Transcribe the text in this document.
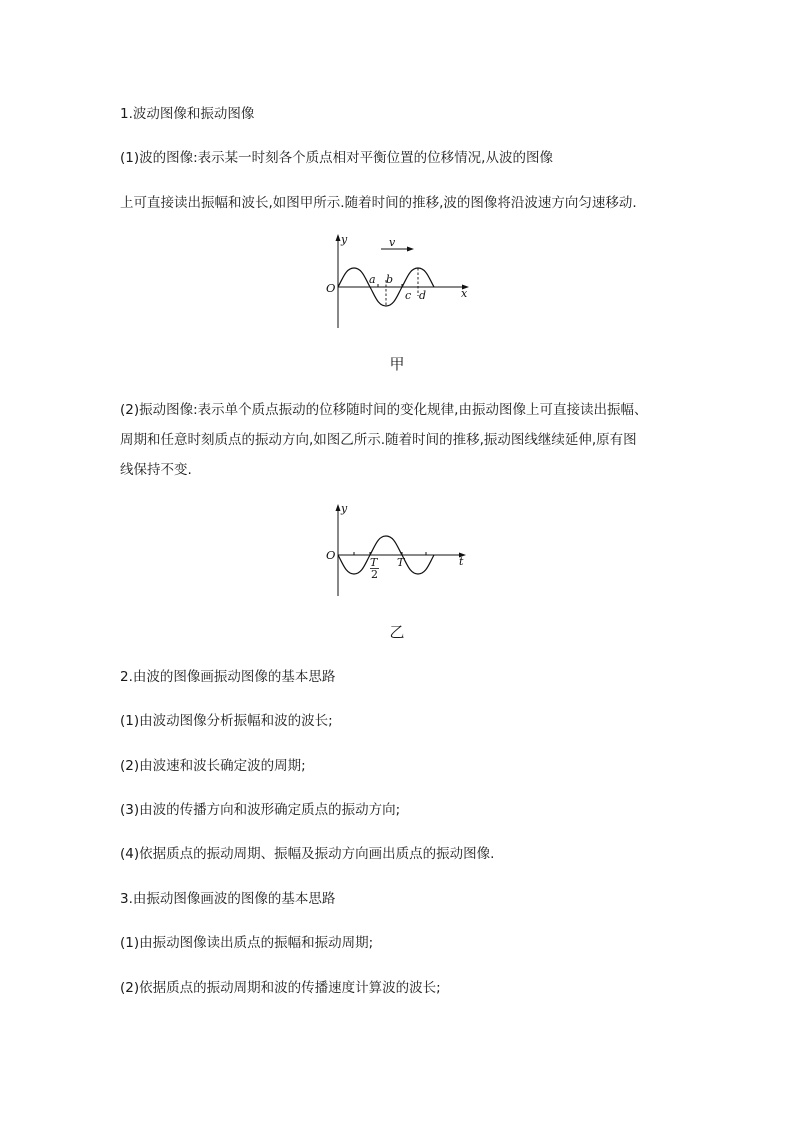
1.波动图像和振动图像
(1)波的图像:表示某一时刻各个质点相对平衡位置的位移情况,从波的图像
上可直接读出振幅和波长,如图甲所示.随着时间的推移,波的图像将沿波速方向匀速移动.
v
y
x
O
a b
c d
甲
(2)振动图像:表示单个质点振动的位移随时间的变化规律,由振动图像上可直接读出振幅、
周期和任意时刻质点的振动方向,如图乙所示.随着时间的推移,振动图线继续延伸,原有图
线保持不变.
y
t
O
T
2
T
乙
2.由波的图像画振动图像的基本思路
(1)由波动图像分析振幅和波的波长;
(2)由波速和波长确定波的周期;
(3)由波的传播方向和波形确定质点的振动方向;
(4)依据质点的振动周期、振幅及振动方向画出质点的振动图像.
3.由振动图像画波的图像的基本思路
(1)由振动图像读出质点的振幅和振动周期;
(2)依据质点的振动周期和波的传播速度计算波的波长;
